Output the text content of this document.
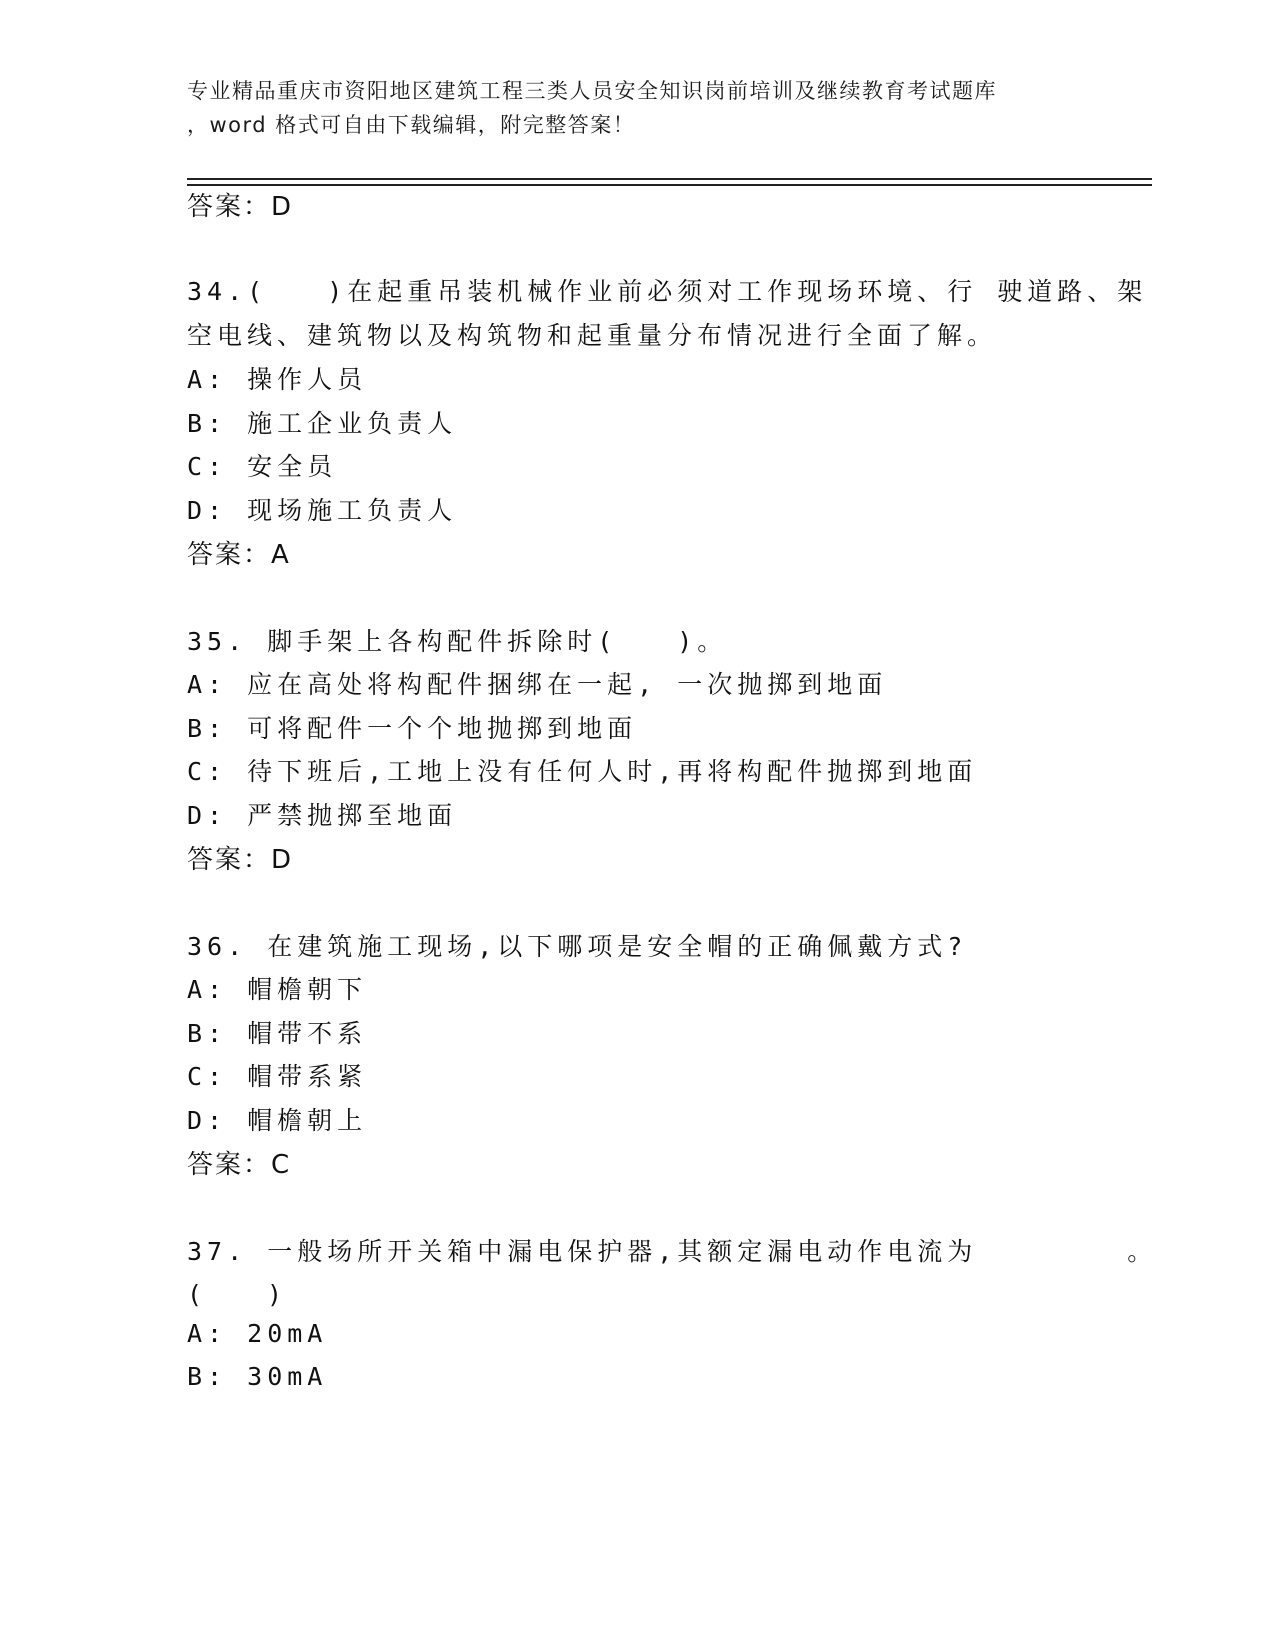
专业精品重庆市资阳地区建筑工程三类人员安全知识岗前培训及继续教育考试题库
，word 格式可自由下载编辑，附完整答案！
答案：D
34.(　　)在起重吊装机械作业前必须对工作现场环境、行 驶道路、架
空电线、建筑物以及构筑物和起重量分布情况进行全面了解。
A: 操作人员
B: 施工企业负责人
C: 安全员
D: 现场施工负责人
答案：A
35. 脚手架上各构配件拆除时(　　)。
A: 应在高处将构配件捆绑在一起, 一次抛掷到地面
B: 可将配件一个个地抛掷到地面
C: 待下班后,工地上没有任何人时,再将构配件抛掷到地面
D: 严禁抛掷至地面
答案：D
36. 在建筑施工现场,以下哪项是安全帽的正确佩戴方式?
A: 帽檐朝下
B: 帽带不系
C: 帽带系紧
D: 帽檐朝上
答案：C
37. 一般场所开关箱中漏电保护器,其额定漏电动作电流为　　　　　。
(　　)
A: 20mA
B: 30mA
